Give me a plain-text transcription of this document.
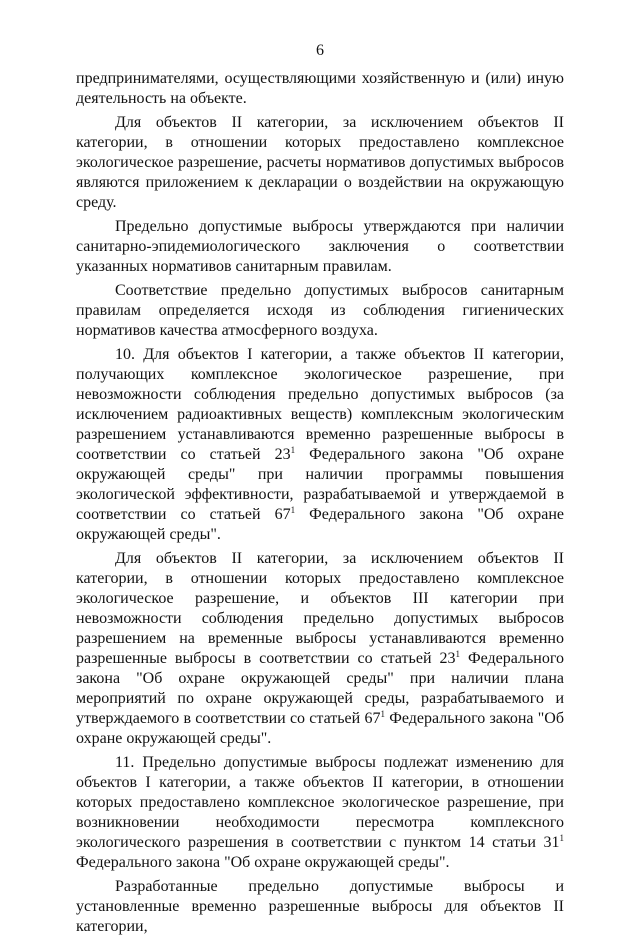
6

предпринимателями, осуществляющими хозяйственную и (или) иную деятельность на объекте.

Для объектов II категории, за исключением объектов II категории, в отношении которых предоставлено комплексное экологическое разрешение, расчеты нормативов допустимых выбросов являются приложением к декларации о воздействии на окружающую среду.

Предельно допустимые выбросы утверждаются при наличии санитарно-эпидемиологического заключения о соответствии указанных нормативов санитарным правилам.

Соответствие предельно допустимых выбросов санитарным правилам определяется исходя из соблюдения гигиенических нормативов качества атмосферного воздуха.

10. Для объектов I категории, а также объектов II категории, получающих комплексное экологическое разрешение, при невозможности соблюдения предельно допустимых выбросов (за исключением радиоактивных веществ) комплексным экологическим разрешением устанавливаются временно разрешенные выбросы в соответствии со статьей $23^1$ Федерального закона "Об охране окружающей среды" при наличии программы повышения экологической эффективности, разрабатываемой и утверждаемой в соответствии со статьей $67^1$ Федерального закона "Об охране окружающей среды".

Для объектов II категории, за исключением объектов II категории, в отношении которых предоставлено комплексное экологическое разрешение, и объектов III категории при невозможности соблюдения предельно допустимых выбросов разрешением на временные выбросы устанавливаются временно разрешенные выбросы в соответствии со статьей $23^1$ Федерального закона "Об охране окружающей среды" при наличии плана мероприятий по охране окружающей среды, разрабатываемого и утверждаемого в соответствии со статьей $67^1$ Федерального закона "Об охране окружающей среды".

11. Предельно допустимые выбросы подлежат изменению для объектов I категории, а также объектов II категории, в отношении которых предоставлено комплексное экологическое разрешение, при возникновении необходимости пересмотра комплексного экологического разрешения в соответствии с пунктом 14 статьи $31^1$ Федерального закона "Об охране окружающей среды".

Разработанные предельно допустимые выбросы и установленные временно разрешенные выбросы для объектов II категории,
